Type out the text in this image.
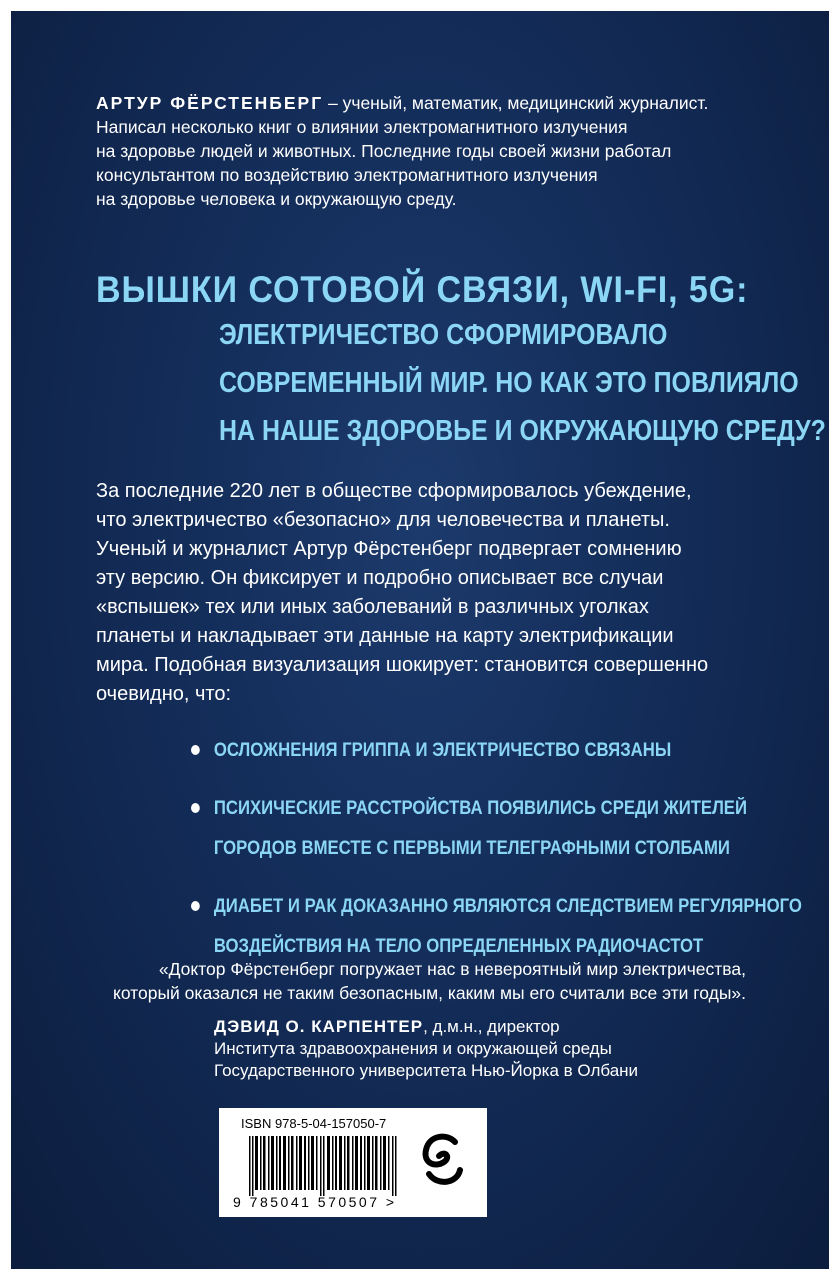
АРТУР ФЁРСТЕНБЕРГ – ученый, математик, медицинский журналист.
Написал несколько книг о влиянии электромагнитного излучения
на здоровье людей и животных. Последние годы своей жизни работал
консультантом по воздействию электромагнитного излучения
на здоровье человека и окружающую среду.
ВЫШКИ СОТОВОЙ СВЯЗИ, WI-FI, 5G:
ЭЛЕКТРИЧЕСТВО СФОРМИРОВАЛО
СОВРЕМЕННЫЙ МИР. НО КАК ЭТО ПОВЛИЯЛО
НА НАШЕ ЗДОРОВЬЕ И ОКРУЖАЮЩУЮ СРЕДУ?
За последние 220 лет в обществе сформировалось убеждение,
что электричество «безопасно» для человечества и планеты.
Ученый и журналист Артур Фёрстенберг подвергает сомнению
эту версию. Он фиксирует и подробно описывает все случаи
«вспышек» тех или иных заболеваний в различных уголках
планеты и накладывает эти данные на карту электрификации
мира. Подобная визуализация шокирует: становится совершенно
очевидно, что:
ОСЛОЖНЕНИЯ ГРИППА И ЭЛЕКТРИЧЕСТВО СВЯЗАНЫ
ПСИХИЧЕСКИЕ РАССТРОЙСТВА ПОЯВИЛИСЬ СРЕДИ ЖИТЕЛЕЙ
ГОРОДОВ ВМЕСТЕ С ПЕРВЫМИ ТЕЛЕГРАФНЫМИ СТОЛБАМИ
ДИАБЕТ И РАК ДОКАЗАННО ЯВЛЯЮТСЯ СЛЕДСТВИЕМ РЕГУЛЯРНОГО
ВОЗДЕЙСТВИЯ НА ТЕЛО ОПРЕДЕЛЕННЫХ РАДИОЧАСТОТ
«Доктор Фёрстенберг погружает нас в невероятный мир электричества,
который оказался не таким безопасным, каким мы его считали все эти годы».
ДЭВИД О. КАРПЕНТЕР, д.м.н., директор
Института здравоохранения и окружающей среды
Государственного университета Нью-Йорка в Олбани
ISBN 978-5-04-157050-7
9 785041 570507 >
